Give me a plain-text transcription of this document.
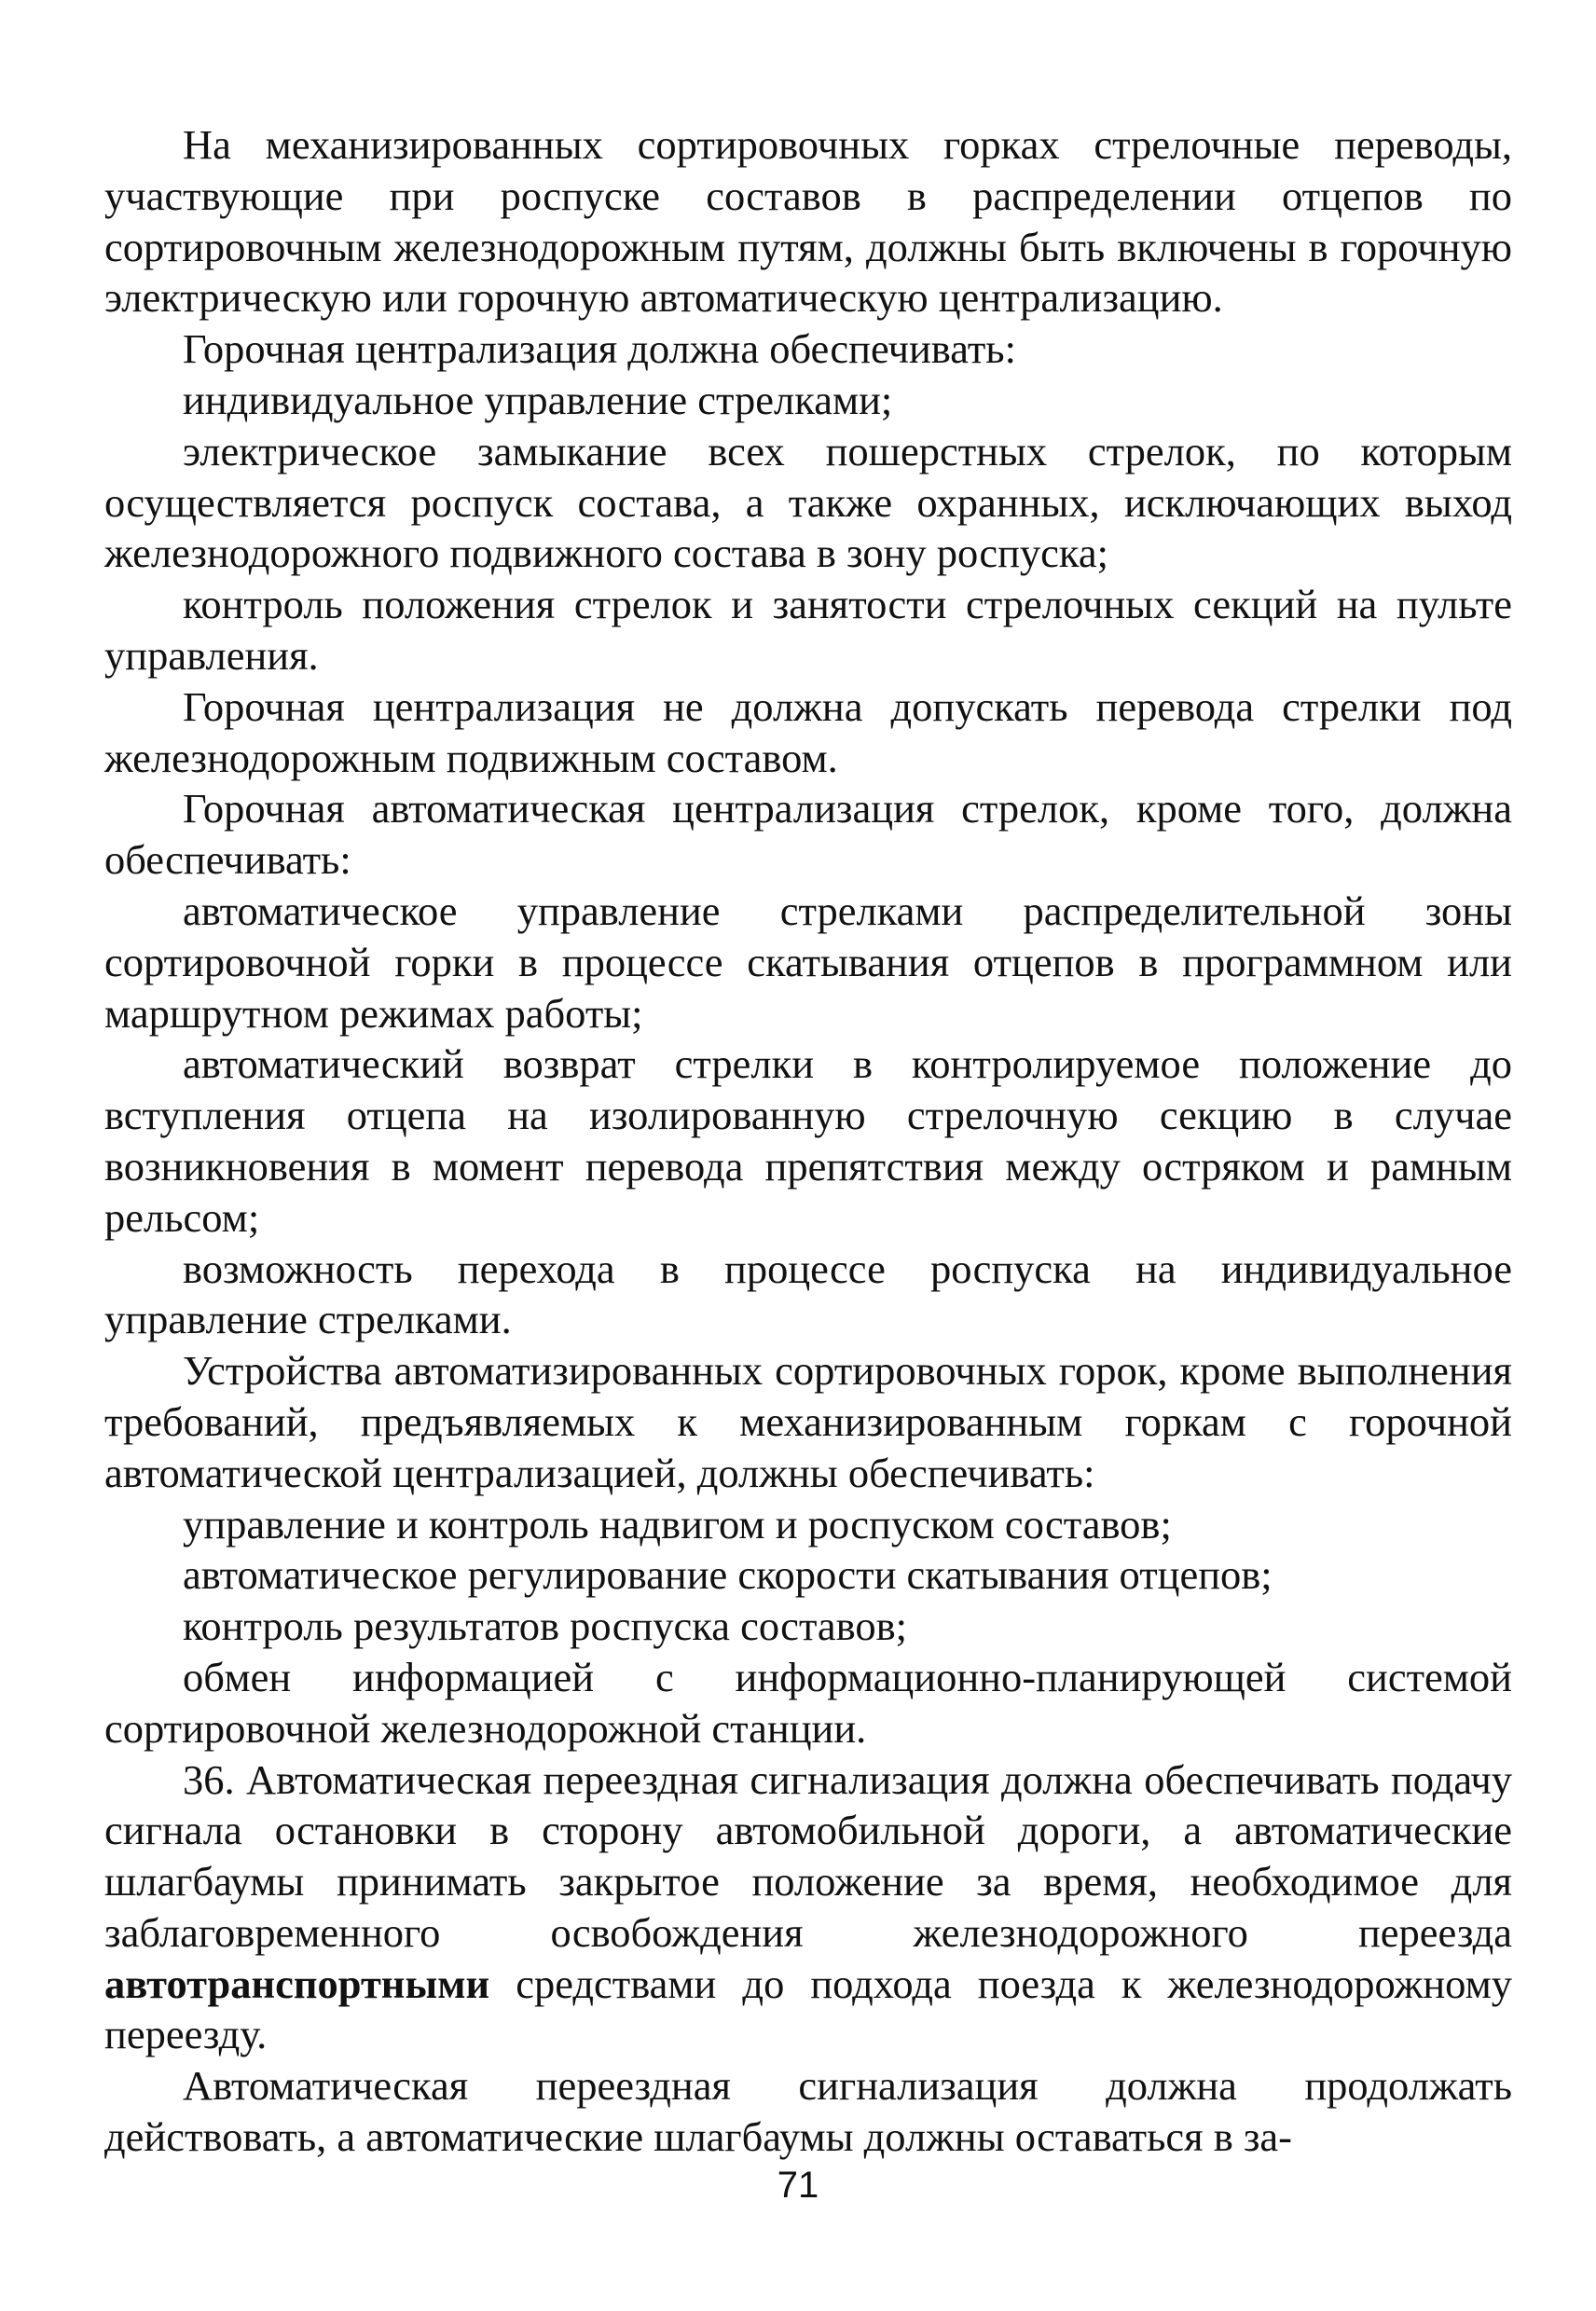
На механизированных сортировочных горках стрелочные переводы, участвующие при роспуске составов в распределении отцепов по сортировочным железнодорожным путям, должны быть включены в горочную электрическую или горочную автоматическую централизацию.

Горочная централизация должна обеспечивать:

индивидуальное управление стрелками;

электрическое замыкание всех пошерстных стрелок, по которым осуществляется роспуск состава, а также охранных, исключающих выход железнодорожного подвижного состава в зону роспуска;

контроль положения стрелок и занятости стрелочных секций на пульте управления.

Горочная централизация не должна допускать перевода стрелки под железнодорожным подвижным составом.

Горочная автоматическая централизация стрелок, кроме того, должна обеспечивать:

автоматическое управление стрелками распределительной зоны сортировочной горки в процессе скатывания отцепов в программном или маршрутном режимах работы;

автоматический возврат стрелки в контролируемое положение до вступления отцепа на изолированную стрелочную секцию в случае возникновения в момент перевода препятствия между остряком и рамным рельсом;

возможность перехода в процессе роспуска на индивидуальное управление стрелками.

Устройства автоматизированных сортировочных горок, кроме выполнения требований, предъявляемых к механизированным горкам с горочной автоматической централизацией, должны обеспечивать:

управление и контроль надвигом и роспуском составов;

автоматическое регулирование скорости скатывания отцепов;

контроль результатов роспуска составов;

обмен информацией с информационно-планирующей системой сортировочной железнодорожной станции.

36. Автоматическая переездная сигнализация должна обеспечивать подачу сигнала остановки в сторону автомобильной дороги, а автоматические шлагбаумы принимать закрытое положение за время, необходимое для заблаговременного освобождения железнодорожного переезда автотранспортными средствами до подхода поезда к железнодорожному переезду.

Автоматическая переездная сигнализация должна продолжать действовать, а автоматические шлагбаумы должны оставаться в за-

71
